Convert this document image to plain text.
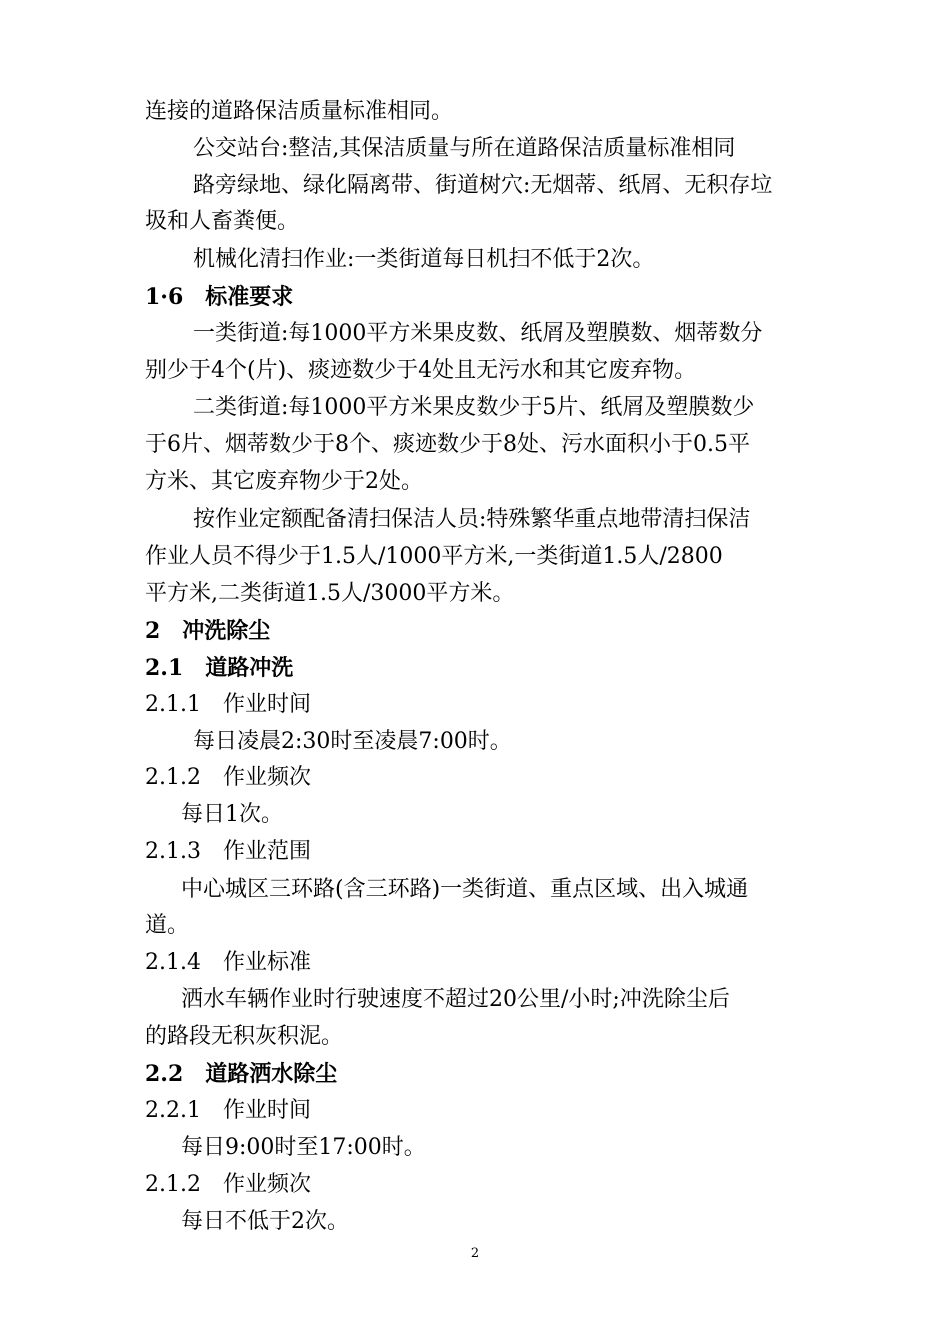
连接的道路保洁质量标准相同。
公交站台:整洁,其保洁质量与所在道路保洁质量标准相同
路旁绿地、绿化隔离带、街道树穴:无烟蒂、纸屑、无积存垃
圾和人畜粪便。
机械化清扫作业:一类街道每日机扫不低于2次。
1·6　标准要求
一类街道:每1000平方米果皮数、纸屑及塑膜数、烟蒂数分
别少于4个(片)、痰迹数少于4处且无污水和其它废弃物。
二类街道:每1000平方米果皮数少于5片、纸屑及塑膜数少
于6片、烟蒂数少于8个、痰迹数少于8处、污水面积小于0.5平
方米、其它废弃物少于2处。
按作业定额配备清扫保洁人员:特殊繁华重点地带清扫保洁
作业人员不得少于1.5人/1000平方米,一类街道1.5人/2800
平方米,二类街道1.5人/3000平方米。
2　冲洗除尘
2.1　道路冲洗
2.1.1　作业时间
每日凌晨2:30时至凌晨7:00时。
2.1.2　作业频次
每日1次。
2.1.3　作业范围
中心城区三环路(含三环路)一类街道、重点区域、出入城通
道。
2.1.4　作业标准
洒水车辆作业时行驶速度不超过20公里/小时;冲洗除尘后
的路段无积灰积泥。
2.2　道路洒水除尘
2.2.1　作业时间
每日9:00时至17:00时。
2.1.2　作业频次
每日不低于2次。
2
